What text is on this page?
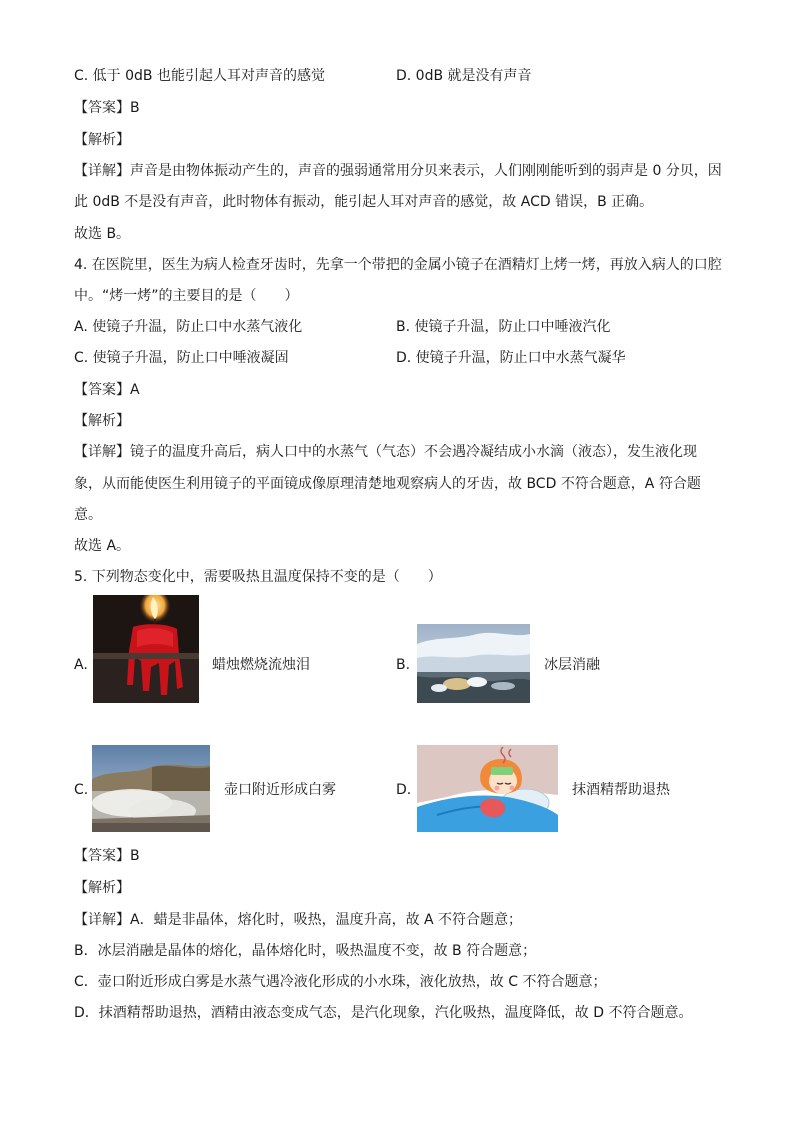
C. 低于 0dB 也能引起人耳对声音的感觉	D. 0dB 就是没有声音
【答案】B
【解析】
【详解】声音是由物体振动产生的，声音的强弱通常用分贝来表示，人们刚刚能听到的弱声是 0 分贝，因
此 0dB 不是没有声音，此时物体有振动，能引起人耳对声音的感觉，故 ACD 错误，B 正确。
故选 B。
4. 在医院里，医生为病人检查牙齿时，先拿一个带把的金属小镜子在酒精灯上烤一烤，再放入病人的口腔
中。“烤一烤”的主要目的是（　　）
A. 使镜子升温，防止口中水蒸气液化	B. 使镜子升温，防止口中唾液汽化
C. 使镜子升温，防止口中唾液凝固	D. 使镜子升温，防止口中水蒸气凝华
【答案】A
【解析】
【详解】镜子的温度升高后，病人口中的水蒸气（气态）不会遇冷凝结成小水滴（液态），发生液化现
象，从而能使医生利用镜子的平面镜成像原理清楚地观察病人的牙齿，故 BCD 不符合题意，A 符合题
意。
故选 A。
5. 下列物态变化中，需要吸热且温度保持不变的是（　　）
A.	蜡烛燃烧流烛泪	B.	冰层消融
C.	壶口附近形成白雾	D.	抹酒精帮助退热
【答案】B
【解析】
【详解】A．蜡是非晶体，熔化时，吸热，温度升高，故 A 不符合题意；
B．冰层消融是晶体的熔化，晶体熔化时，吸热温度不变，故 B 符合题意；
C．壶口附近形成白雾是水蒸气遇冷液化形成的小水珠，液化放热，故 C 不符合题意；
D．抹酒精帮助退热，酒精由液态变成气态，是汽化现象，汽化吸热，温度降低，故 D 不符合题意。
